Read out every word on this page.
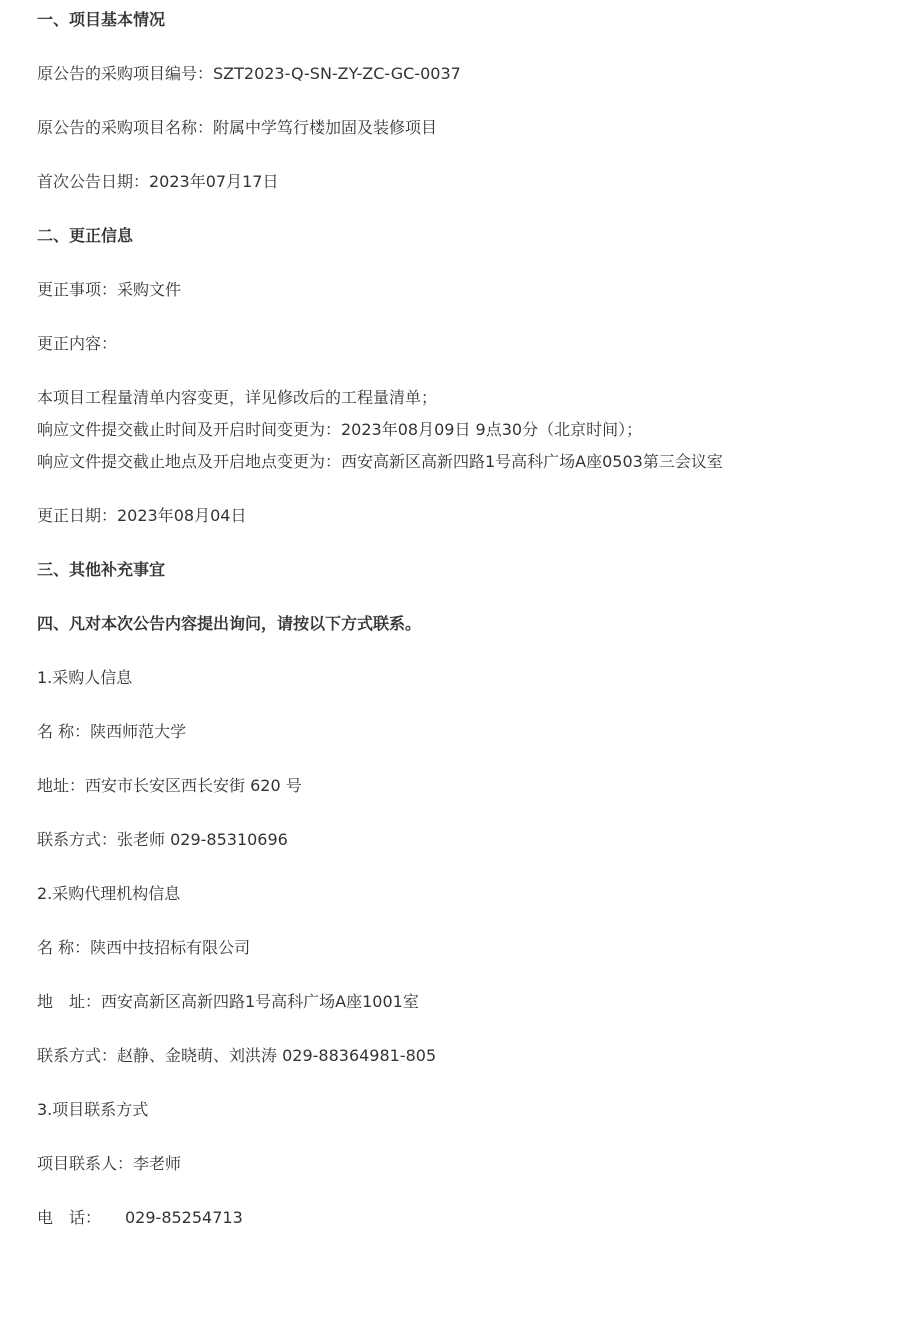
一、项目基本情况
原公告的采购项目编号：SZT2023-Q-SN-ZY-ZC-GC-0037
原公告的采购项目名称：附属中学笃行楼加固及装修项目
首次公告日期：2023年07月17日
二、更正信息
更正事项：采购文件
更正内容：
本项目工程量清单内容变更，详见修改后的工程量清单；
响应文件提交截止时间及开启时间变更为：2023年08月09日 9点30分（北京时间）；
响应文件提交截止地点及开启地点变更为：西安高新区高新四路1号高科广场A座0503第三会议室
更正日期：2023年08月04日
三、其他补充事宜
四、凡对本次公告内容提出询问，请按以下方式联系。
1.采购人信息
名 称：陕西师范大学
地址：西安市长安区西长安街 620 号
联系方式：张老师 029-85310696
2.采购代理机构信息
名 称：陕西中技招标有限公司
地　址：西安高新区高新四路1号高科广场A座1001室
联系方式：赵静、金晓萌、刘洪涛 029-88364981-805
3.项目联系方式
项目联系人：李老师
电　话：　　029-85254713
